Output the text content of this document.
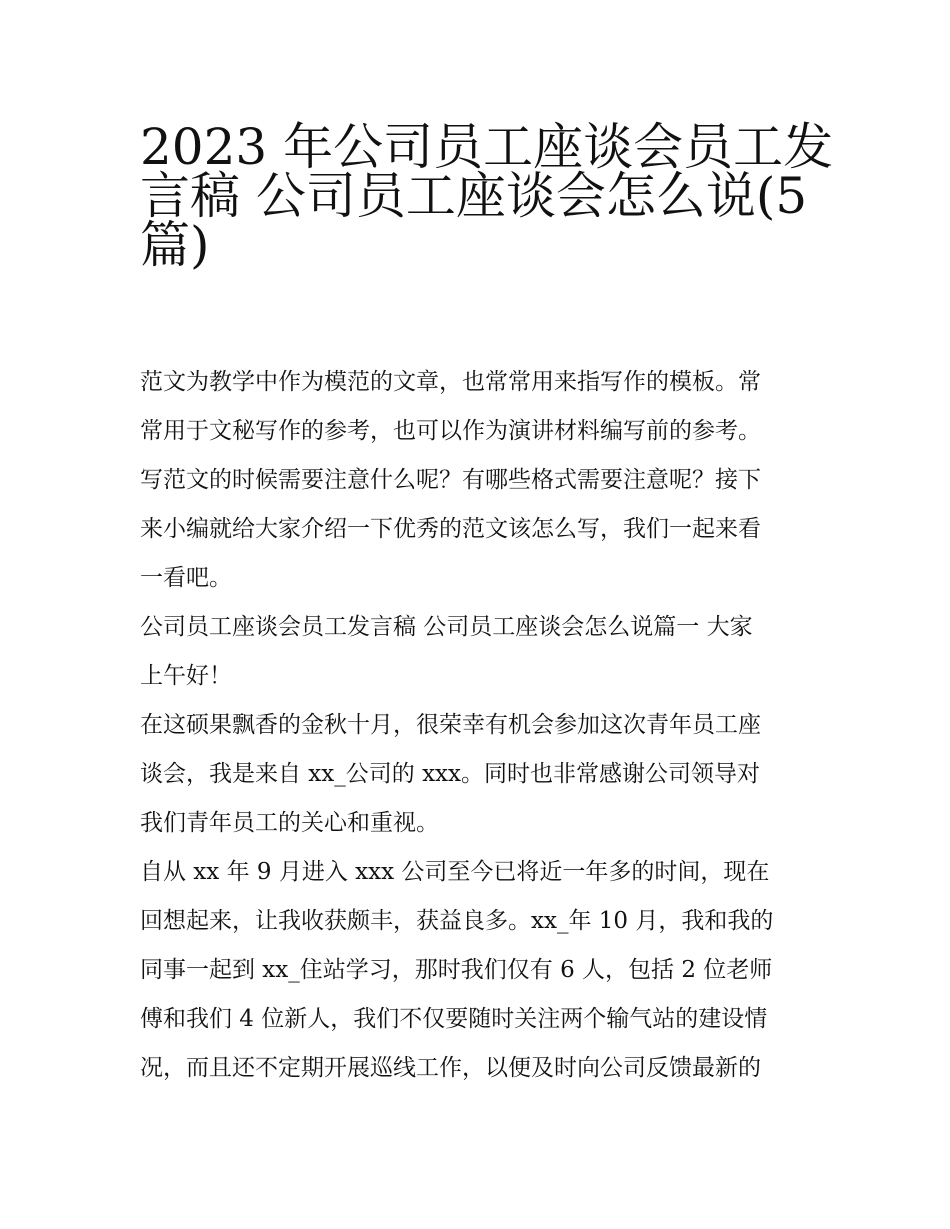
2023 年公司员工座谈会员工发
言稿 公司员工座谈会怎么说(5
篇)
范文为教学中作为模范的文章，也常常用来指写作的模板。常
常用于文秘写作的参考，也可以作为演讲材料编写前的参考。
写范文的时候需要注意什么呢？有哪些格式需要注意呢？接下
来小编就给大家介绍一下优秀的范文该怎么写，我们一起来看
一看吧。
公司员工座谈会员工发言稿 公司员工座谈会怎么说篇一 大家
上午好！
在这硕果飘香的金秋十月，很荣幸有机会参加这次青年员工座
谈会，我是来自 xx_公司的 xxx。同时也非常感谢公司领导对
我们青年员工的关心和重视。
自从 xx 年 9 月进入 xxx 公司至今已将近一年多的时间，现在
回想起来，让我收获颇丰，获益良多。xx_年 10 月，我和我的
同事一起到 xx_住站学习，那时我们仅有 6 人，包括 2 位老师
傅和我们 4 位新人，我们不仅要随时关注两个输气站的建设情
况，而且还不定期开展巡线工作，以便及时向公司反馈最新的
